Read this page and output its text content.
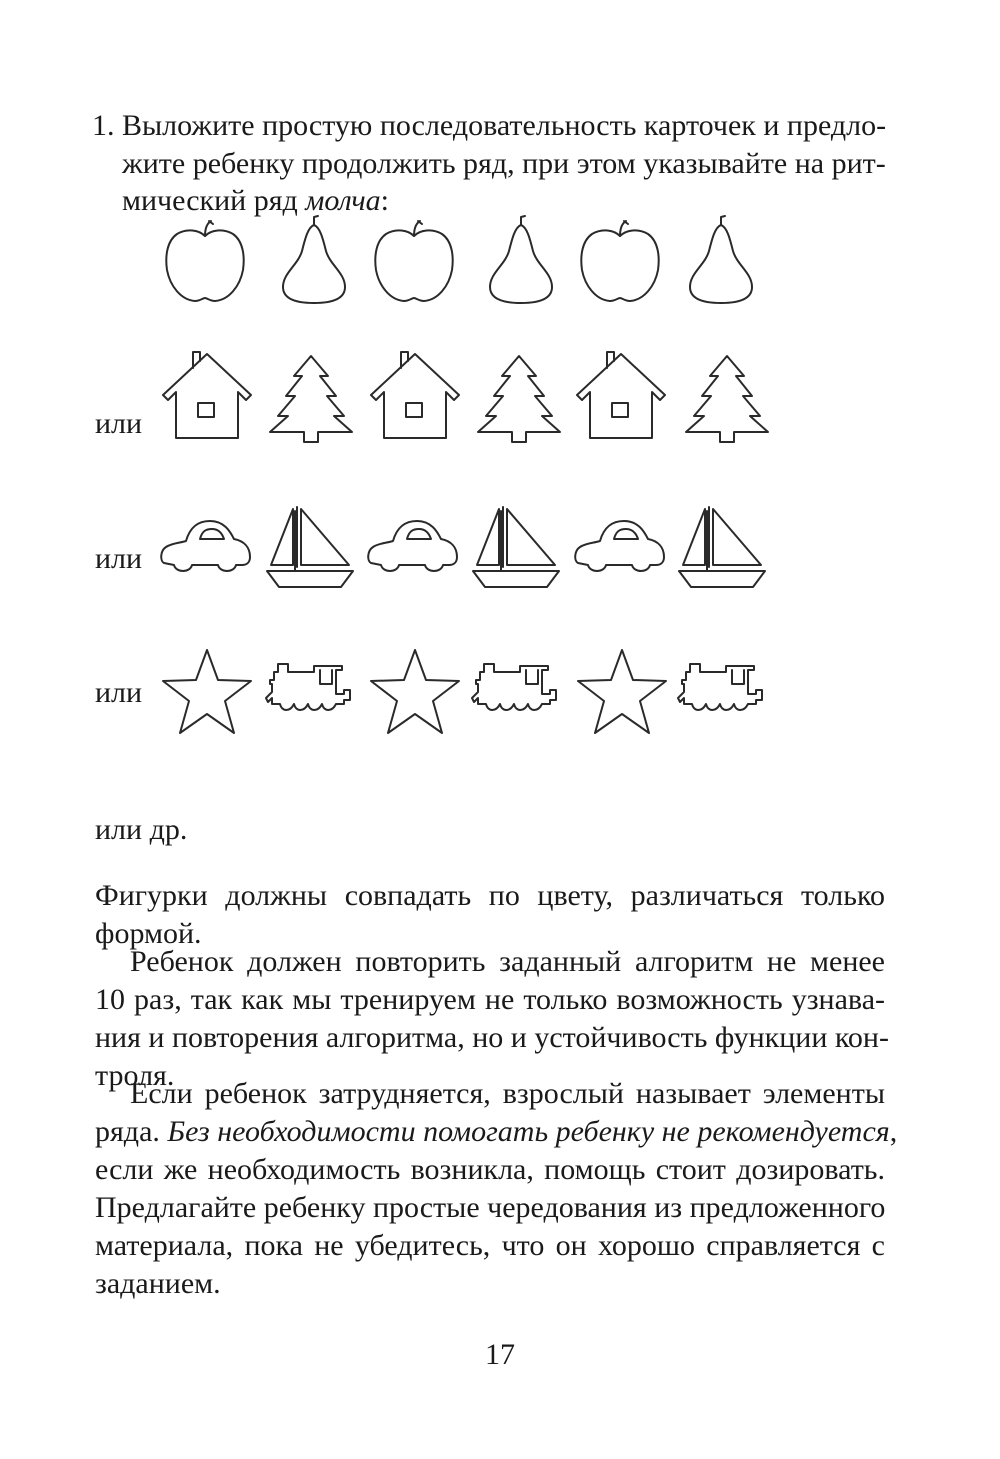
1. Выложите простую последовательность карточек и предло-
жите ребенку продолжить ряд, при этом указывайте на рит-
мический ряд молча:
или
или
или
или др.
Фигурки должны совпадать по цвету, различаться только
формой.
Ребенок должен повторить заданный алгоритм не менее
10 раз, так как мы тренируем не только возможность узнава-
ния и повторения алгоритма, но и устойчивость функции кон-
троля.
Если ребенок затрудняется, взрослый называет элементы
ряда. Без необходимости помогать ребенку не рекомендуется,
если же необходимость возникла, помощь стоит дозировать.
Предлагайте ребенку простые чередования из предложенного
материала, пока не убедитесь, что он хорошо справляется с
заданием.
17
